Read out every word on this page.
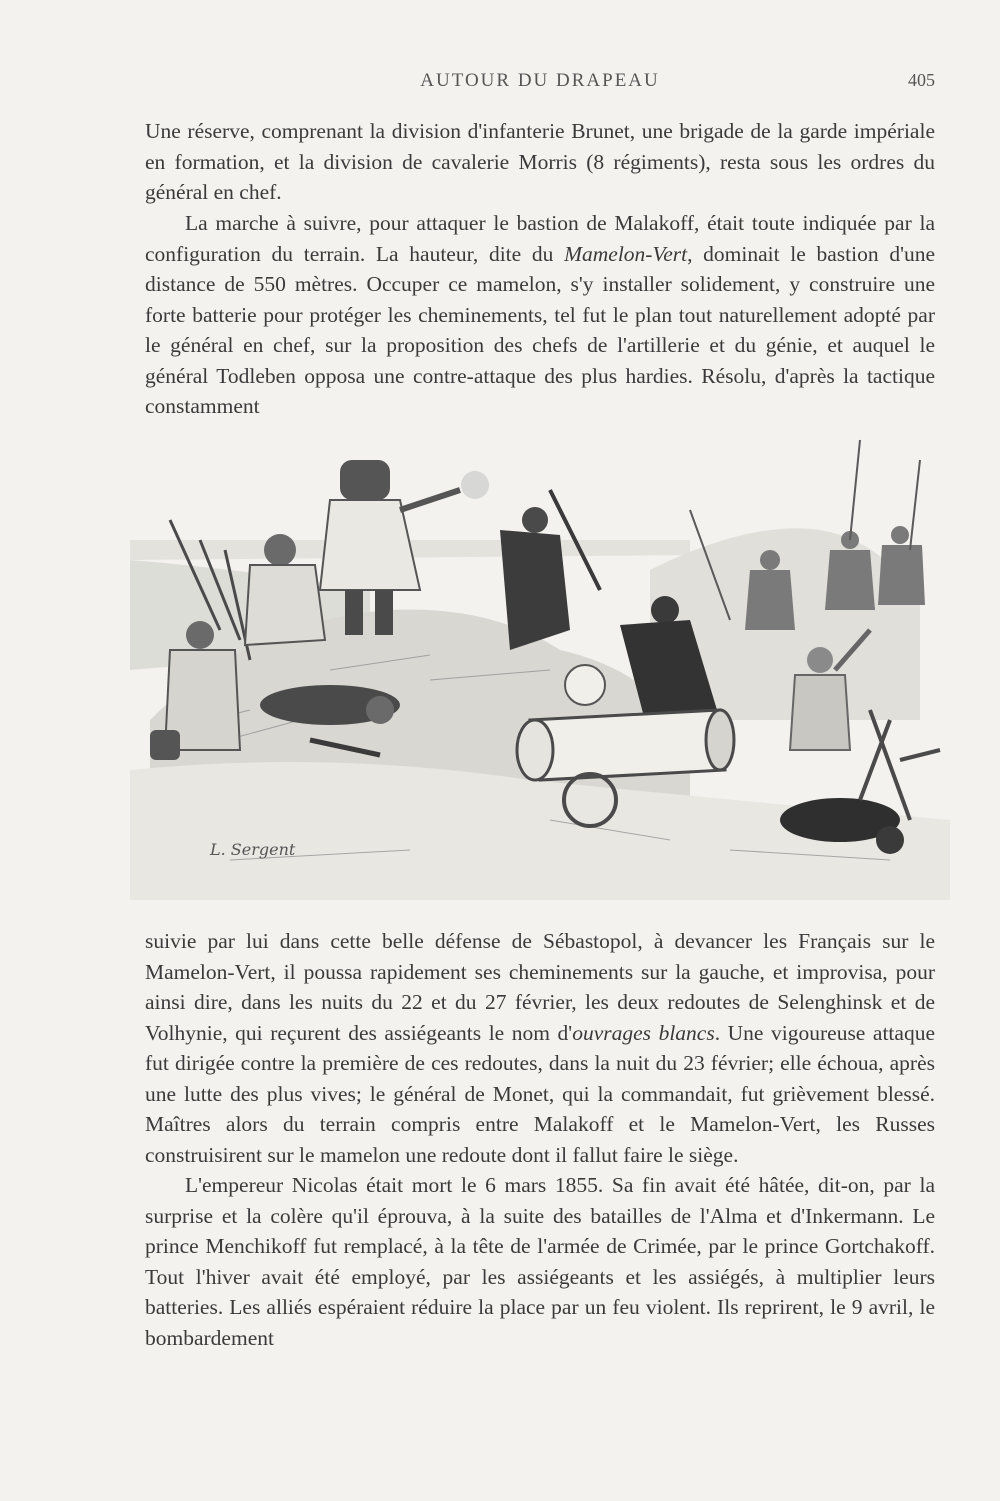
AUTOUR DU DRAPEAU	405

Une réserve, comprenant la division d'infanterie Brunet, une brigade de la garde impériale en formation, et la division de cavalerie Morris (8 régiments), resta sous les ordres du général en chef.

La marche à suivre, pour attaquer le bastion de Malakoff, était toute indiquée par la configuration du terrain. La hauteur, dite du Mamelon-Vert, dominait le bastion d'une distance de 550 mètres. Occuper ce mamelon, s'y installer solidement, y construire une forte batterie pour protéger les cheminements, tel fut le plan tout naturellement adopté par le général en chef, sur la proposition des chefs de l'artillerie et du génie, et auquel le général Todleben opposa une contre-attaque des plus hardies. Résolu, d'après la tactique constamment

L. Sergent

suivie par lui dans cette belle défense de Sébastopol, à devancer les Français sur le Mamelon-Vert, il poussa rapidement ses cheminements sur la gauche, et improvisa, pour ainsi dire, dans les nuits du 22 et du 27 février, les deux redoutes de Selenghinsk et de Volhynie, qui reçurent des assiégeants le nom d'ouvrages blancs. Une vigoureuse attaque fut dirigée contre la première de ces redoutes, dans la nuit du 23 février; elle échoua, après une lutte des plus vives; le général de Monet, qui la commandait, fut grièvement blessé. Maîtres alors du terrain compris entre Malakoff et le Mamelon-Vert, les Russes construisirent sur le mamelon une redoute dont il fallut faire le siège.

L'empereur Nicolas était mort le 6 mars 1855. Sa fin avait été hâtée, dit-on, par la surprise et la colère qu'il éprouva, à la suite des batailles de l'Alma et d'Inkermann. Le prince Menchikoff fut remplacé, à la tête de l'armée de Crimée, par le prince Gortchakoff. Tout l'hiver avait été employé, par les assiégeants et les assiégés, à multiplier leurs batteries. Les alliés espéraient réduire la place par un feu violent. Ils reprirent, le 9 avril, le bombardement
